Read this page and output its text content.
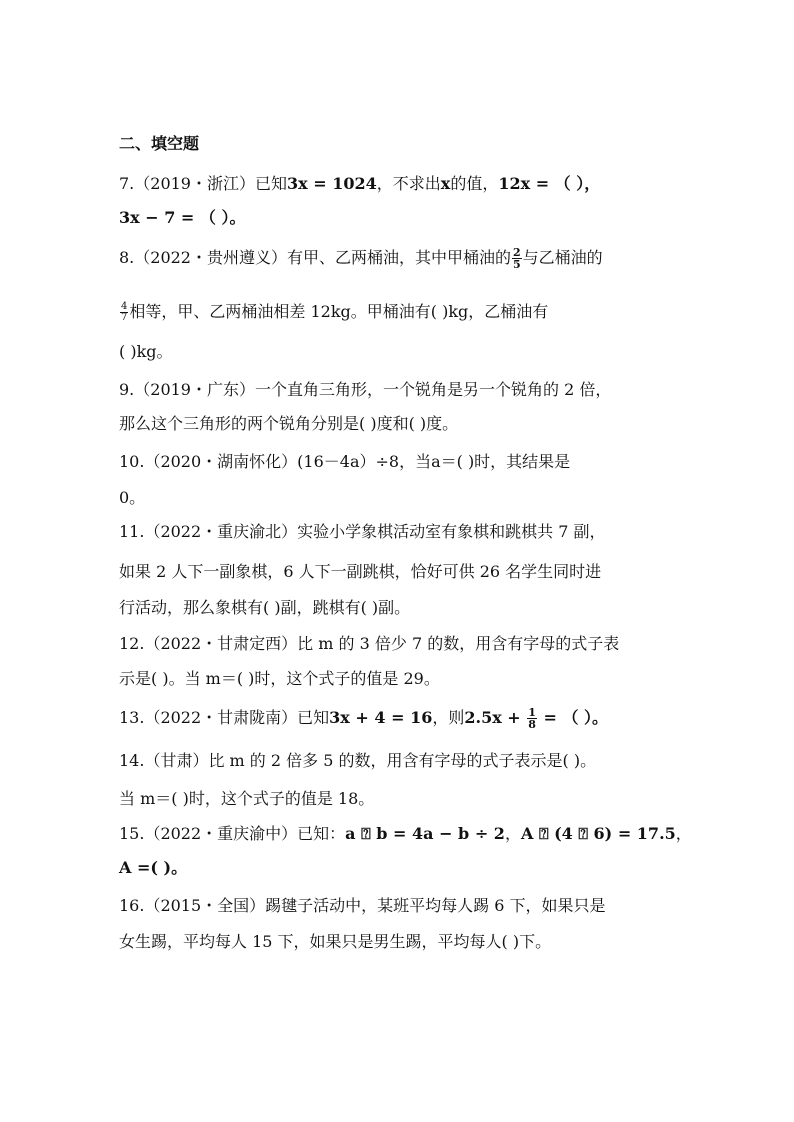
二、填空题
7.（2019・浙江）已知3x = 1024，不求出x的值，12x = （ ），
3x − 7 = （ ）。
8.（2022・贵州遵义）有甲、乙两桶油，其中甲桶油的 $\frac{2}{5}$ 与乙桶油的
$\frac{4}{7}$ 相等，甲、乙两桶油相差 12kg。甲桶油有( )kg，乙桶油有
( )kg。
9.（2019・广东）一个直角三角形，一个锐角是另一个锐角的 2 倍，
那么这个三角形的两个锐角分别是( )度和( )度。
10.（2020・湖南怀化）(16－4a）÷8，当a＝( )时，其结果是
0。
11.（2022・重庆渝北）实验小学象棋活动室有象棋和跳棋共 7 副，
如果 2 人下一副象棋，6 人下一副跳棋，恰好可供 26 名学生同时进
行活动，那么象棋有( )副，跳棋有( )副。
12.（2022・甘肃定西）比 m 的 3 倍少 7 的数，用含有字母的式子表
示是( )。当 m＝( )时，这个式子的值是 29。
13.（2022・甘肃陇南）已知3x + 4 = 16，则$2.5x + \frac{1}{8}$ = （ ）。
14.（甘肃）比 m 的 2 倍多 5 的数，用含有字母的式子表示是( )。
当 m＝( )时，这个式子的值是 18。
15.（2022・重庆渝中）已知：a ⍰ b = 4a − b ÷ 2，A ⍰ (4 ⍰ 6) = 17.5，
A =( )。
16.（2015・全国）踢毽子活动中，某班平均每人踢 6 下，如果只是
女生踢，平均每人 15 下，如果只是男生踢，平均每人( )下。
